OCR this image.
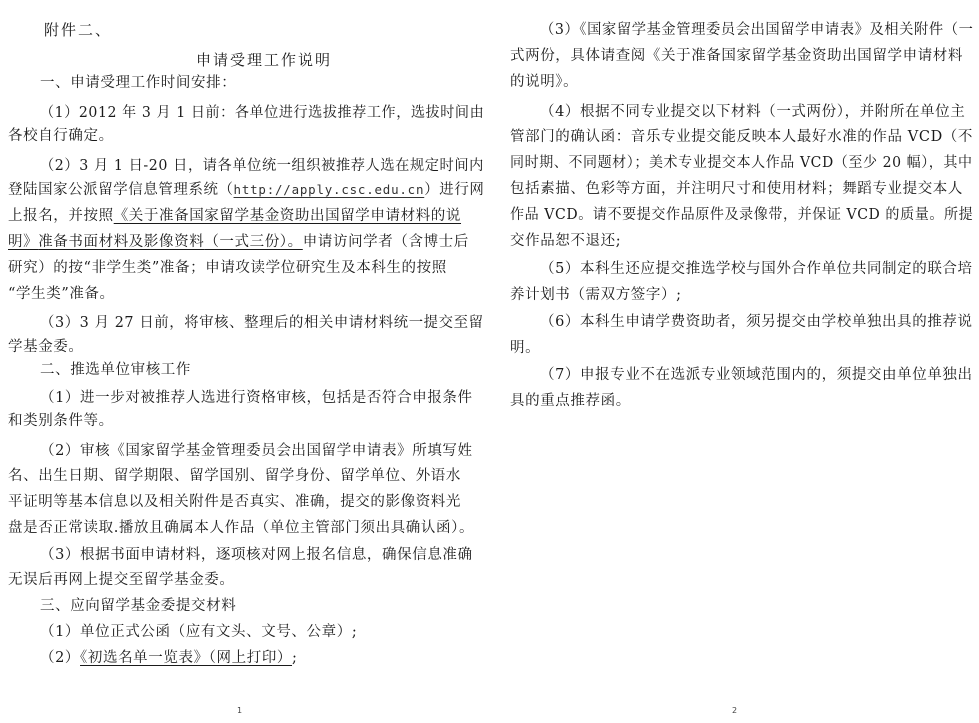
附件二、
申请受理工作说明
一、申请受理工作时间安排：
（1）2012 年 3 月 1 日前：各单位进行选拔推荐工作，选拔时间由
各校自行确定。
（2）3 月 1 日-20 日，请各单位统一组织被推荐人选在规定时间内
登陆国家公派留学信息管理系统（http://apply.csc.edu.cn）进行网
上报名，并按照《关于准备国家留学基金资助出国留学申请材料的说
明》准备书面材料及影像资料（一式三份）。申请访问学者（含博士后
研究）的按“非学生类”准备；申请攻读学位研究生及本科生的按照
“学生类”准备。
（3）3 月 27 日前，将审核、整理后的相关申请材料统一提交至留
学基金委。
二、推选单位审核工作
（1）进一步对被推荐人选进行资格审核，包括是否符合申报条件
和类别条件等。
（2）审核《国家留学基金管理委员会出国留学申请表》所填写姓
名、出生日期、留学期限、留学国别、留学身份、留学单位、外语水
平证明等基本信息以及相关附件是否真实、准确，提交的影像资料光
盘是否正常读取.播放且确属本人作品（单位主管部门须出具确认函）。
（3）根据书面申请材料，逐项核对网上报名信息，确保信息准确
无误后再网上提交至留学基金委。
三、应向留学基金委提交材料
（1）单位正式公函（应有文头、文号、公章）;
（2）《初选名单一览表》（网上打印）;
1
（3）《国家留学基金管理委员会出国留学申请表》及相关附件（一
式两份，具体请查阅《关于准备国家留学基金资助出国留学申请材料
的说明》。
（4）根据不同专业提交以下材料（一式两份），并附所在单位主
管部门的确认函：音乐专业提交能反映本人最好水准的作品 VCD（不
同时期、不同题材）；美术专业提交本人作品 VCD（至少 20 幅），其中
包括素描、色彩等方面，并注明尺寸和使用材料；舞蹈专业提交本人
作品 VCD。请不要提交作品原件及录像带，并保证 VCD 的质量。所提
交作品恕不退还;
（5）本科生还应提交推选学校与国外合作单位共同制定的联合培
养计划书（需双方签字）;
（6）本科生申请学费资助者，须另提交由学校单独出具的推荐说
明。
（7）申报专业不在选派专业领域范围内的，须提交由单位单独出
具的重点推荐函。
2
